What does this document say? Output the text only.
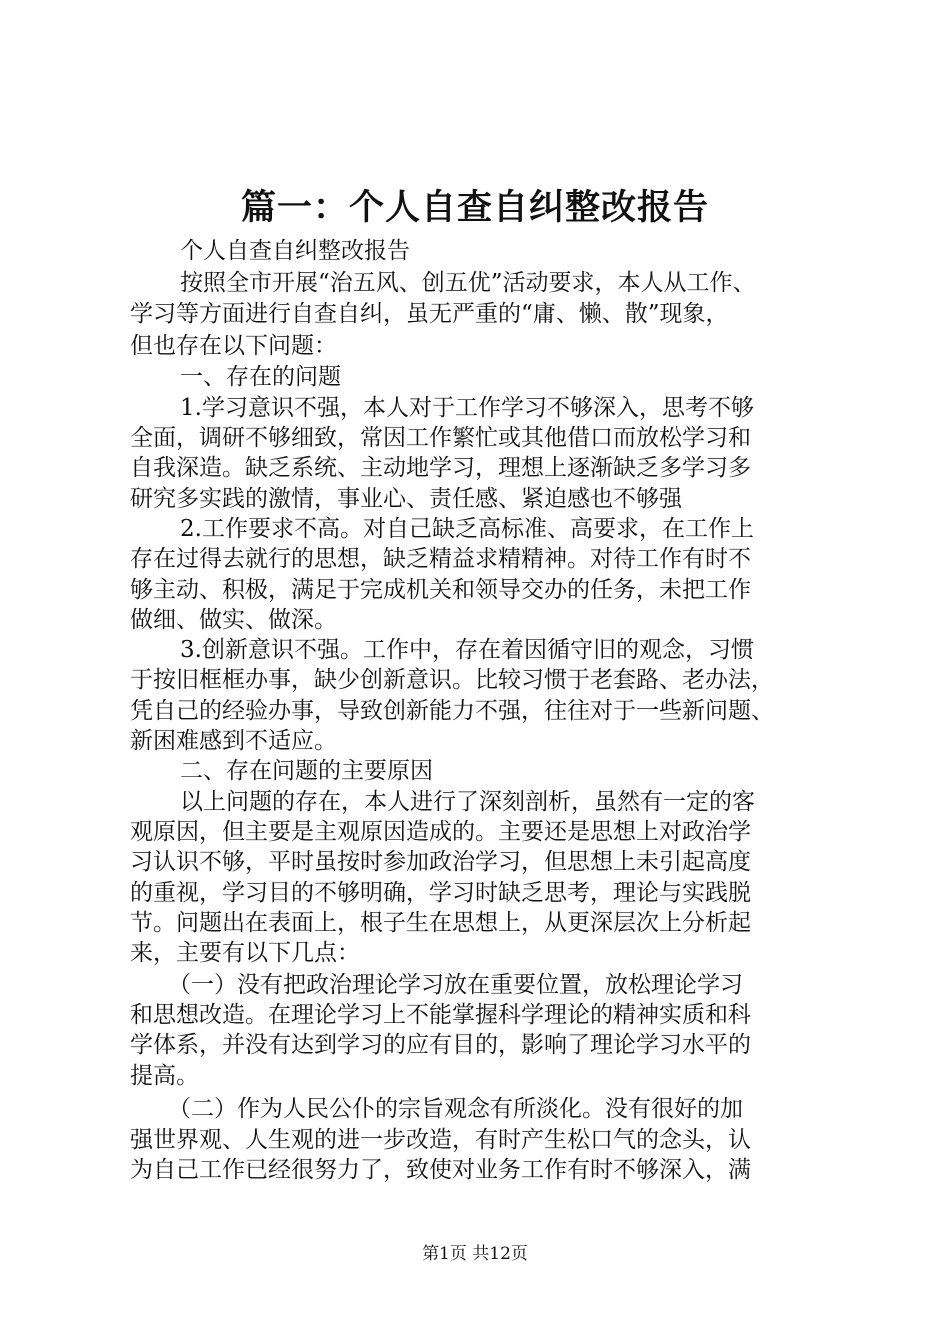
篇一：个人自查自纠整改报告
个人自查自纠整改报告
按照全市开展“治五风、创五优”活动要求，本人从工作、
学习等方面进行自查自纠，虽无严重的“庸、懒、散”现象，
但也存在以下问题：
一、存在的问题
1.学习意识不强，本人对于工作学习不够深入，思考不够
全面，调研不够细致，常因工作繁忙或其他借口而放松学习和
自我深造。缺乏系统、主动地学习，理想上逐渐缺乏多学习多
研究多实践的激情，事业心、责任感、紧迫感也不够强
2.工作要求不高。对自己缺乏高标准、高要求，在工作上
存在过得去就行的思想，缺乏精益求精精神。对待工作有时不
够主动、积极，满足于完成机关和领导交办的任务，未把工作
做细、做实、做深。
3.创新意识不强。工作中，存在着因循守旧的观念，习惯
于按旧框框办事，缺少创新意识。比较习惯于老套路、老办法，
凭自己的经验办事，导致创新能力不强，往往对于一些新问题、
新困难感到不适应。
二、存在问题的主要原因
以上问题的存在，本人进行了深刻剖析，虽然有一定的客
观原因，但主要是主观原因造成的。主要还是思想上对政治学
习认识不够，平时虽按时参加政治学习，但思想上未引起高度
的重视，学习目的不够明确，学习时缺乏思考，理论与实践脱
节。问题出在表面上，根子生在思想上，从更深层次上分析起
来，主要有以下几点：
（一）没有把政治理论学习放在重要位置，放松理论学习
和思想改造。在理论学习上不能掌握科学理论的精神实质和科
学体系，并没有达到学习的应有目的，影响了理论学习水平的
提高。
（二）作为人民公仆的宗旨观念有所淡化。没有很好的加
强世界观、人生观的进一步改造，有时产生松口气的念头，认
为自己工作已经很努力了，致使对业务工作有时不够深入，满
第1页 共12页
